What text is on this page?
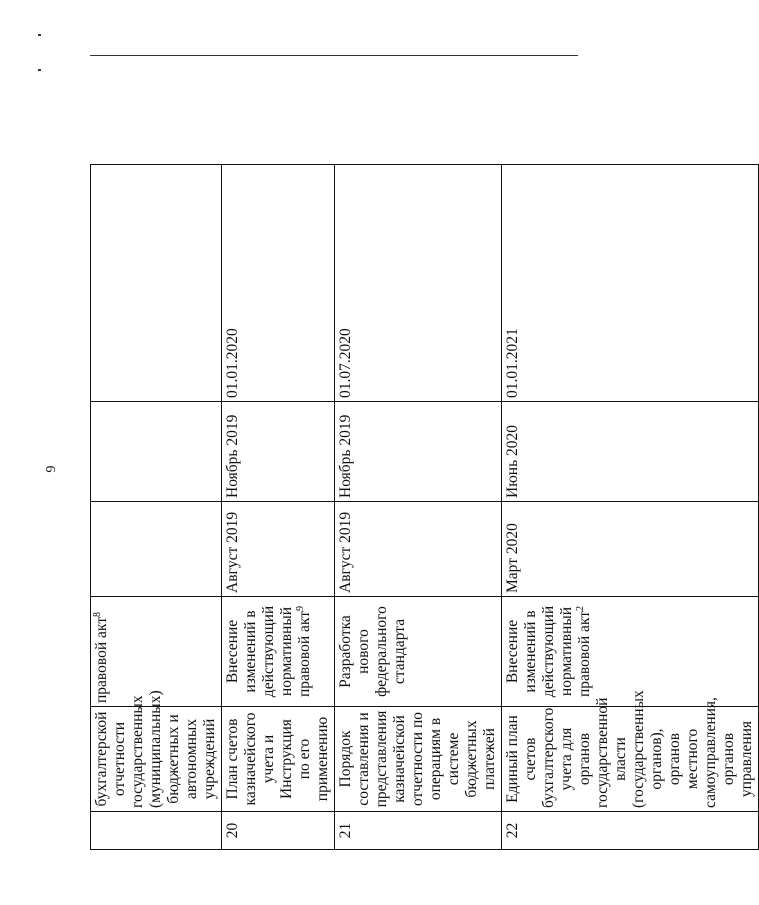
6
	бухгалтерской отчетности государственных (муниципальных) бюджетных и автономных учреждений	правовой акт$^8$			
20	План счетов казначейского учета и Инструкция по его применению	Внесение изменений в действующий нормативный правовой акт$^9$	Август 2019	Ноябрь 2019	01.01.2020
21	Порядок составления и представления казначейской отчетности по операциям в системе бюджетных платежей	Разработка нового федерального стандарта	Август 2019	Ноябрь 2019	01.07.2020
22	Единый план счетов бухгалтерского учета для органов государственной власти (государственных органов), органов местного самоуправления, органов управления	Внесение изменений в действующий нормативный правовой акт$^2$	Март 2020	Июнь 2020	01.01.2021
